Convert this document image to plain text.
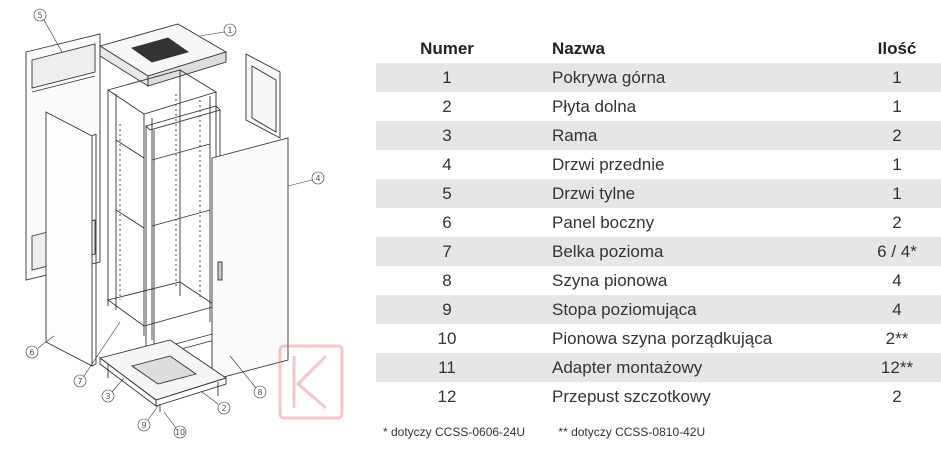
1
4
5
6
7
8
3
2
9
10
Numer	Nazwa	Ilość
1	Pokrywa górna	1
2	Płyta dolna	1
3	Rama	2
4	Drzwi przednie	1
5	Drzwi tylne	1
6	Panel boczny	2
7	Belka pozioma	6 / 4*
8	Szyna pionowa	4
9	Stopa poziomująca	4
10	Pionowa szyna porządkująca	2**
11	Adapter montażowy	12**
12	Przepust szczotkowy	2
* dotyczy CCSS-0606-24U	** dotyczy CCSS-0810-42U
